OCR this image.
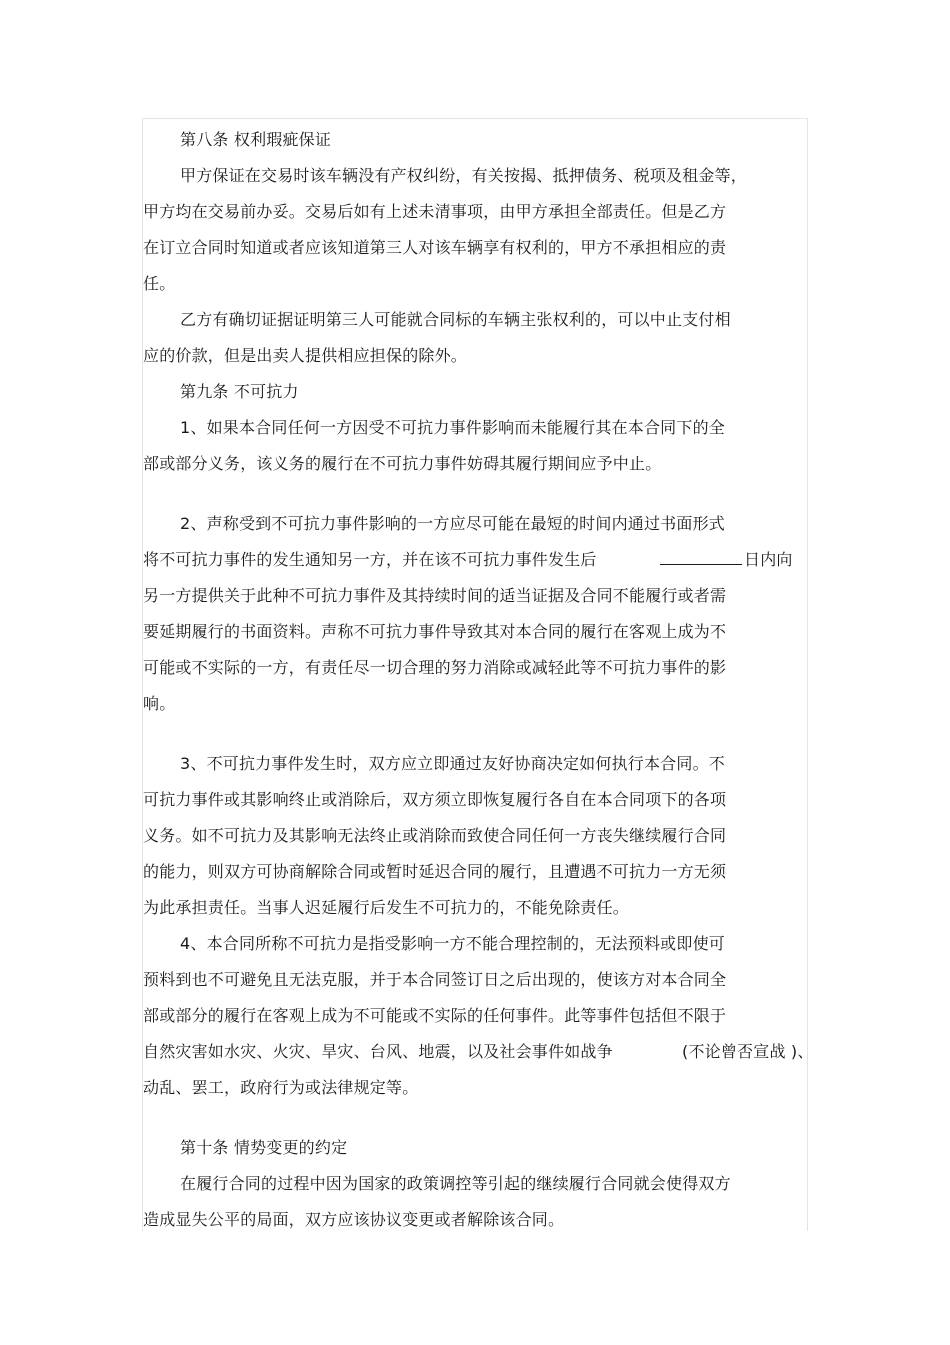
第八条 权利瑕疵保证
甲方保证在交易时该车辆没有产权纠纷，有关按揭、抵押债务、税项及租金等，
甲方均在交易前办妥。交易后如有上述未清事项，由甲方承担全部责任。但是乙方
在订立合同时知道或者应该知道第三人对该车辆享有权利的，甲方不承担相应的责
任。
乙方有确切证据证明第三人可能就合同标的车辆主张权利的，可以中止支付相
应的价款，但是出卖人提供相应担保的除外。
第九条 不可抗力
1、如果本合同任何一方因受不可抗力事件影响而未能履行其在本合同下的全
部或部分义务，该义务的履行在不可抗力事件妨碍其履行期间应予中止。
2、声称受到不可抗力事件影响的一方应尽可能在最短的时间内通过书面形式
将不可抗力事件的发生通知另一方，并在该不可抗力事件发生后	日内向
另一方提供关于此种不可抗力事件及其持续时间的适当证据及合同不能履行或者需
要延期履行的书面资料。声称不可抗力事件导致其对本合同的履行在客观上成为不
可能或不实际的一方，有责任尽一切合理的努力消除或减轻此等不可抗力事件的影
响。
3、不可抗力事件发生时，双方应立即通过友好协商决定如何执行本合同。不
可抗力事件或其影响终止或消除后，双方须立即恢复履行各自在本合同项下的各项
义务。如不可抗力及其影响无法终止或消除而致使合同任何一方丧失继续履行合同
的能力，则双方可协商解除合同或暂时延迟合同的履行，且遭遇不可抗力一方无须
为此承担责任。当事人迟延履行后发生不可抗力的，不能免除责任。
4、本合同所称不可抗力是指受影响一方不能合理控制的，无法预料或即使可
预料到也不可避免且无法克服，并于本合同签订日之后出现的，使该方对本合同全
部或部分的履行在客观上成为不可能或不实际的任何事件。此等事件包括但不限于
自然灾害如水灾、火灾、旱灾、台风、地震，以及社会事件如战争	(不论曾否宣战 )、
动乱、罢工，政府行为或法律规定等。
第十条 情势变更的约定
在履行合同的过程中因为国家的政策调控等引起的继续履行合同就会使得双方
造成显失公平的局面，双方应该协议变更或者解除该合同。
